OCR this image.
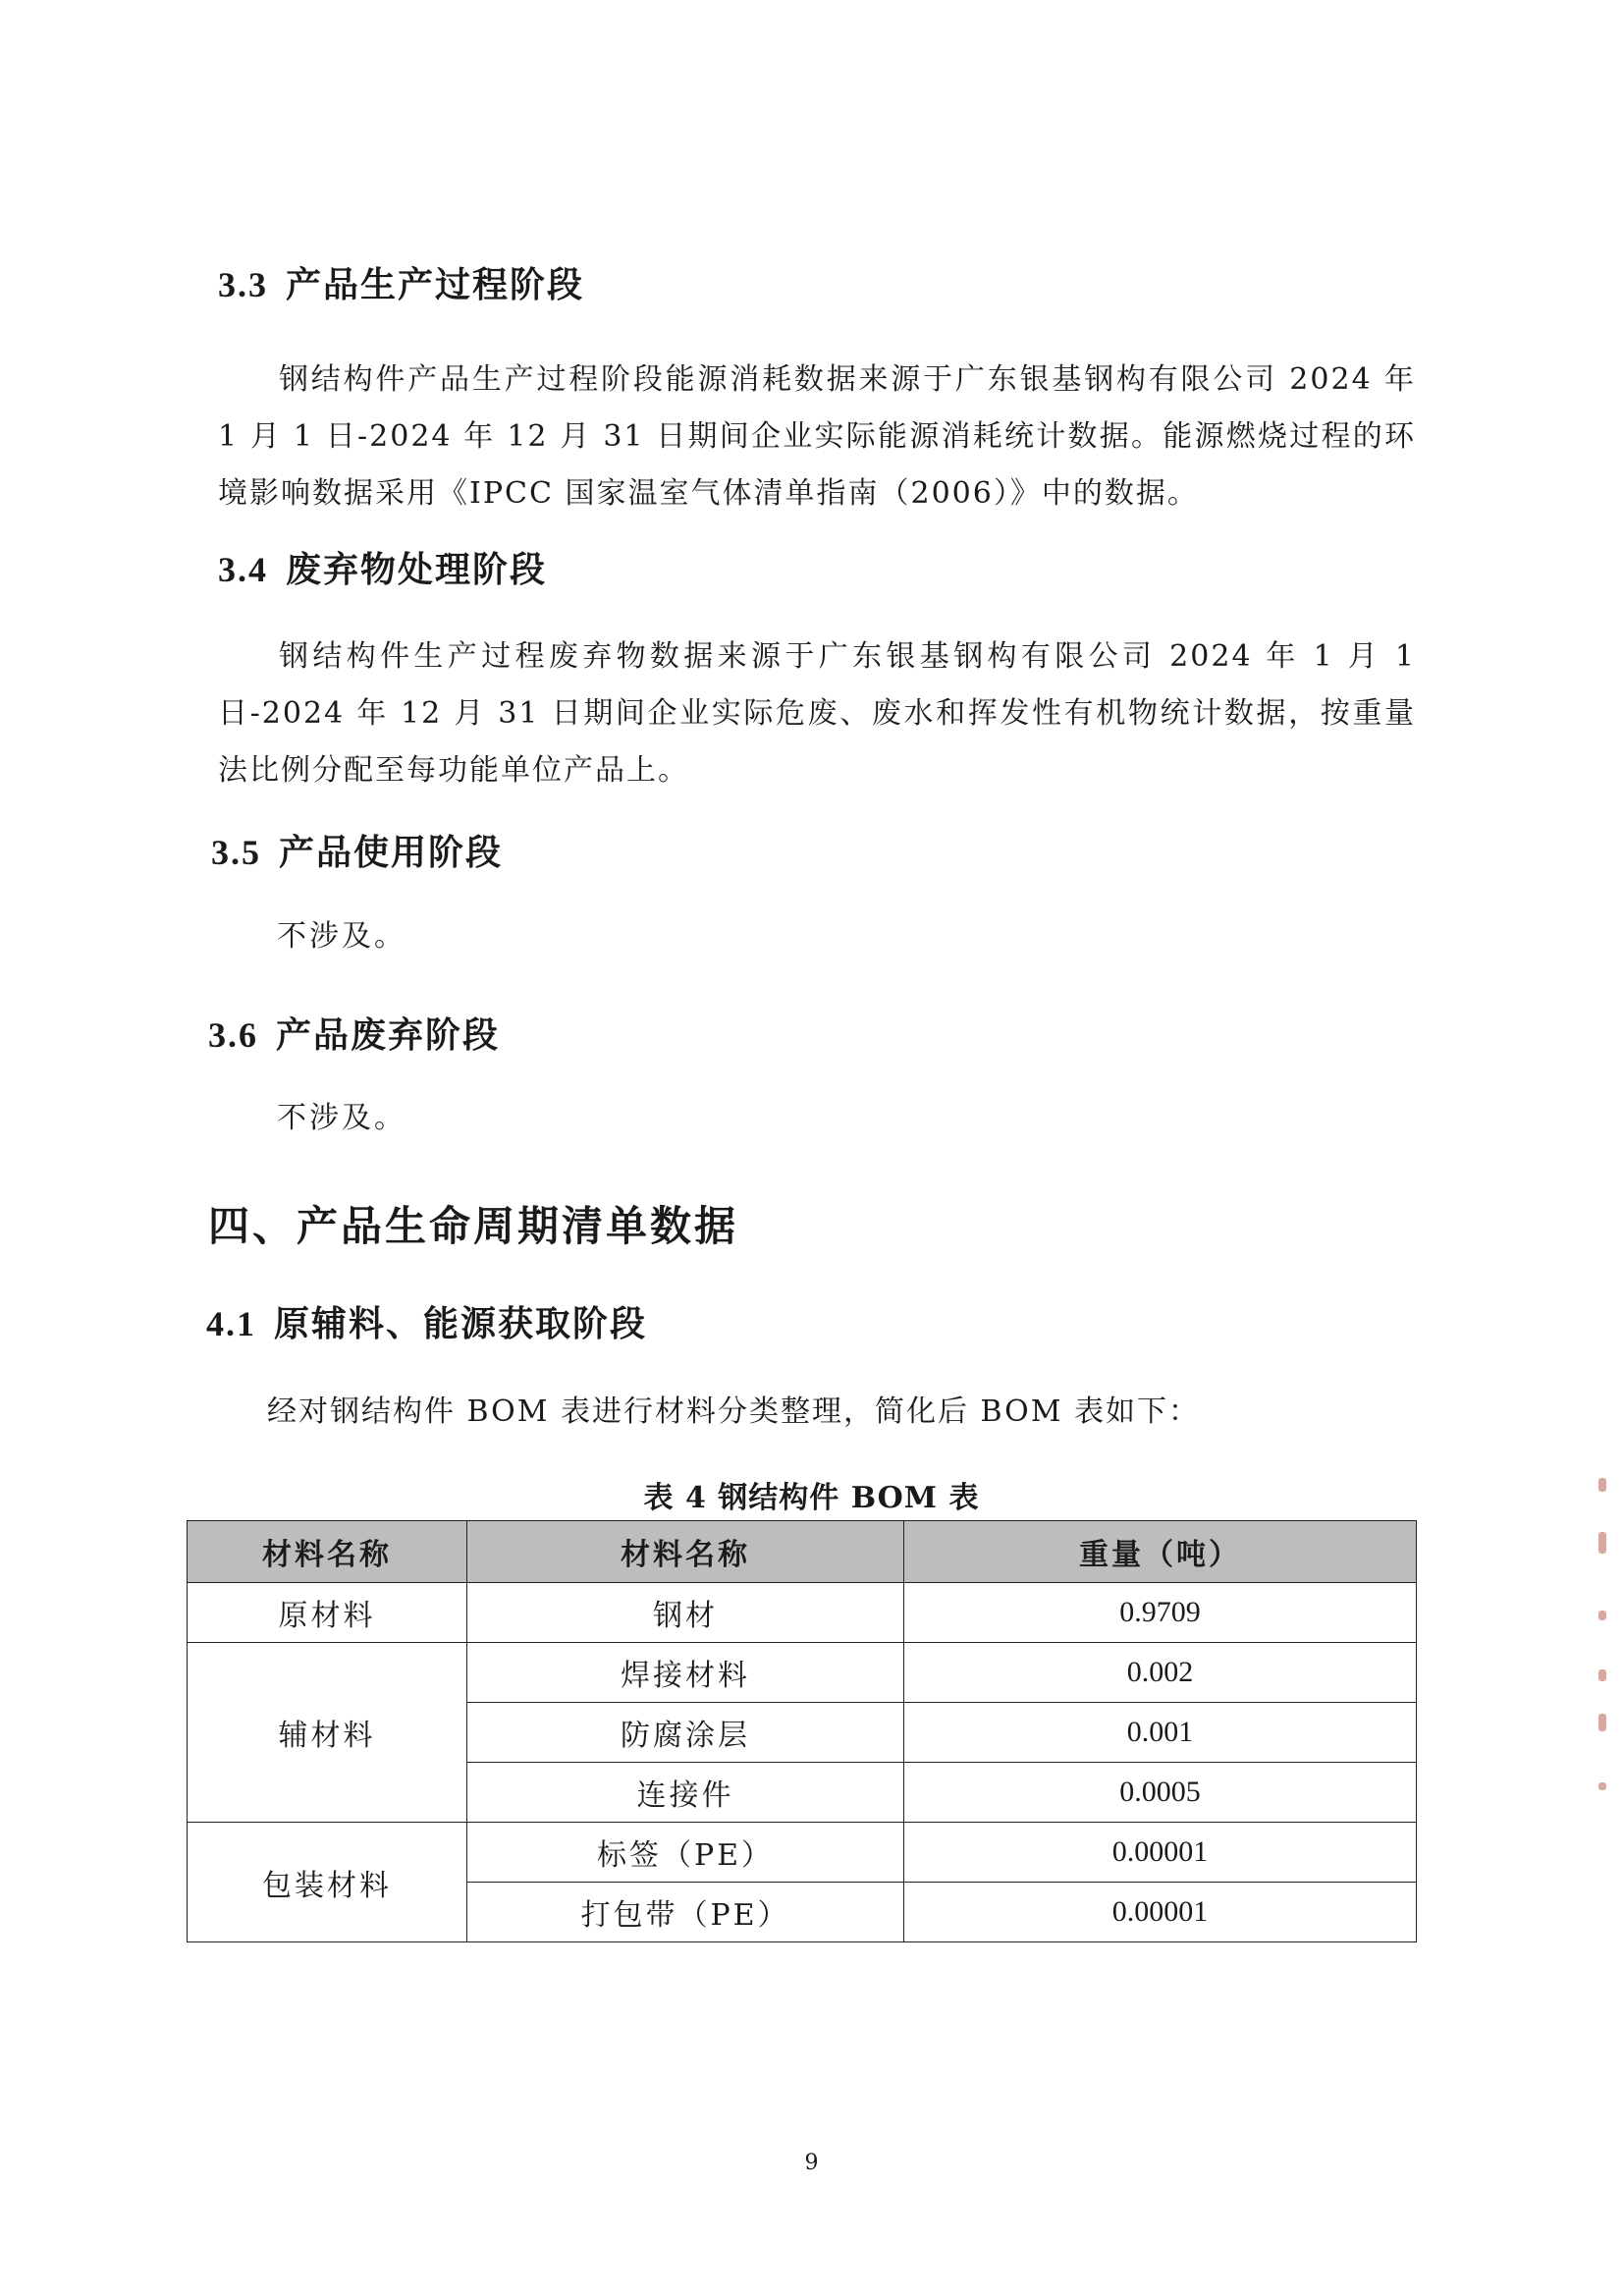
3.3 产品生产过程阶段

钢结构件产品生产过程阶段能源消耗数据来源于广东银基钢构有限公司 2024 年 1 月 1 日-2024 年 12 月 31 日期间企业实际能源消耗统计数据。能源燃烧过程的环境影响数据采用《IPCC 国家温室气体清单指南（2006）》中的数据。

3.4 废弃物处理阶段

钢结构件生产过程废弃物数据来源于广东银基钢构有限公司 2024 年 1 月 1 日-2024 年 12 月 31 日期间企业实际危废、废水和挥发性有机物统计数据，按重量法比例分配至每功能单位产品上。

3.5 产品使用阶段
不涉及。
3.6 产品废弃阶段
不涉及。
四、产品生命周期清单数据
4.1 原辅料、能源获取阶段
经对钢结构件 BOM 表进行材料分类整理，简化后 BOM 表如下：
表 4 钢结构件 BOM 表
材料名称	材料名称	重量（吨）
原材料	钢材	0.9709
辅材料	焊接材料	0.002
	防腐涂层	0.001
	连接件	0.0005
包装材料	标签（PE）	0.00001
	打包带（PE）	0.00001
9
